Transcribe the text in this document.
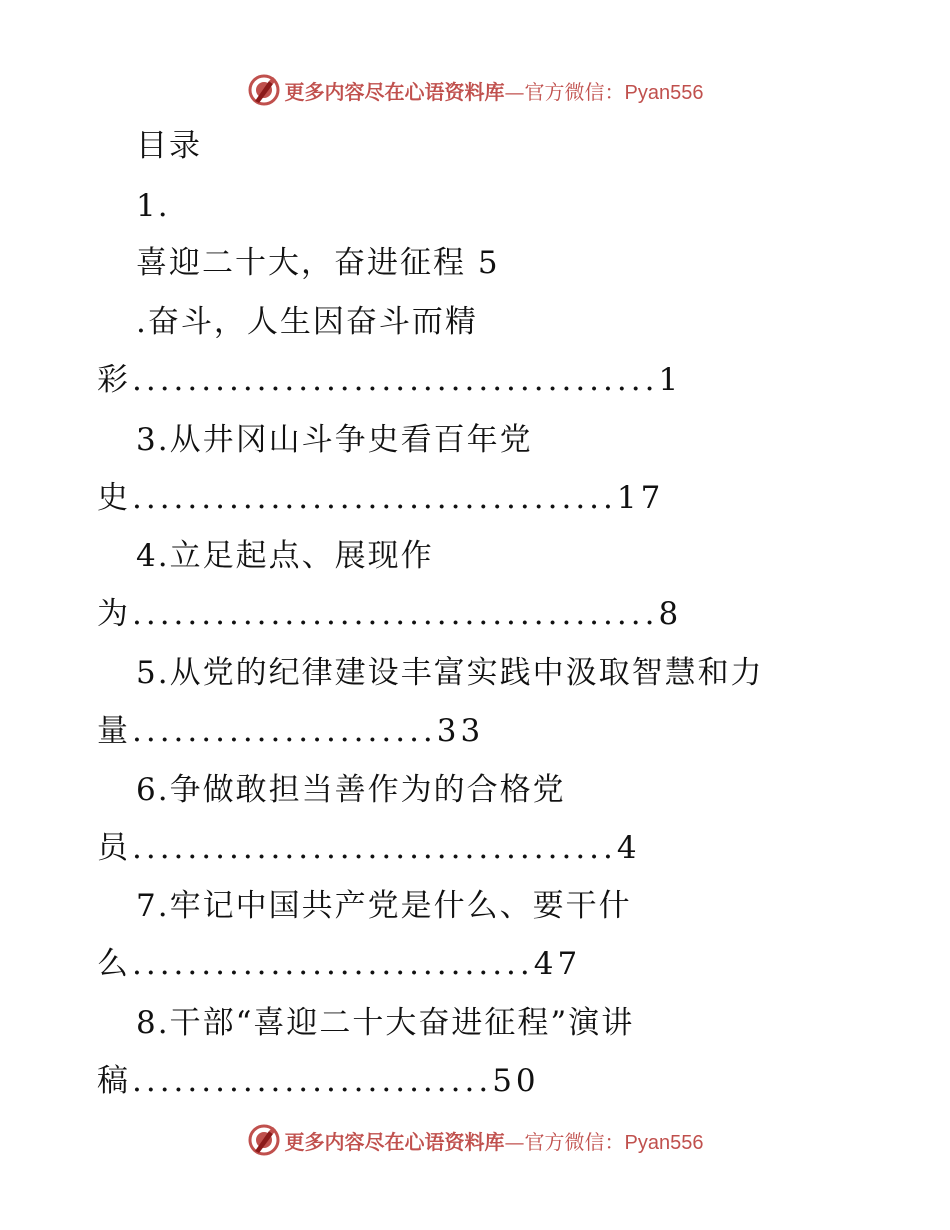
更多内容尽在心语资料库—官方微信：Pyan556
目录
1.
喜迎二十大，奋进征程 5
.奋斗，人生因奋斗而精
彩......................................1
3.从井冈山斗争史看百年党
史...................................17
4.立足起点、展现作
为......................................8
5.从党的纪律建设丰富实践中汲取智慧和力
量......................33
6.争做敢担当善作为的合格党
员...................................4
7.牢记中国共产党是什么、要干什
么.............................47
8.干部“喜迎二十大奋进征程”演讲
稿..........................50
更多内容尽在心语资料库—官方微信：Pyan556
